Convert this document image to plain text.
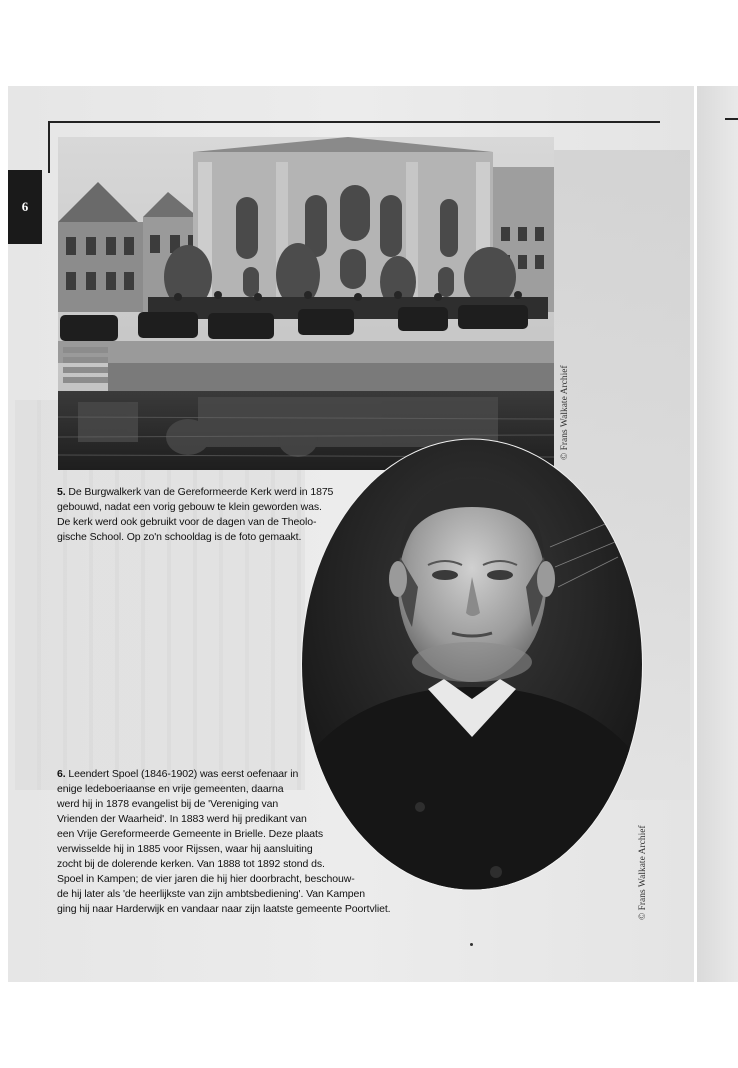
6
© Frans Walkate Archief
© Frans Walkate Archief
5. De Burgwalkerk van de Gereformeerde Kerk werd in 1875
gebouwd, nadat een vorig gebouw te klein geworden was.
De kerk werd ook gebruikt voor de dagen van de Theolo-
gische School. Op zo'n schooldag is de foto gemaakt.
6. Leendert Spoel (1846-1902) was eerst oefenaar in
enige ledeboeriaanse en vrije gemeenten, daarna
werd hij in 1878 evangelist bij de 'Vereniging van
Vrienden der Waarheid'. In 1883 werd hij predikant van
een Vrije Gereformeerde Gemeente in Brielle. Deze plaats
verwisselde hij in 1885 voor Rijssen, waar hij aansluiting
zocht bij de dolerende kerken. Van 1888 tot 1892 stond ds.
Spoel in Kampen; de vier jaren die hij hier doorbracht, beschouw-
de hij later als 'de heerlijkste van zijn ambtsbediening'. Van Kampen
ging hij naar Harderwijk en vandaar naar zijn laatste gemeente Poortvliet.
